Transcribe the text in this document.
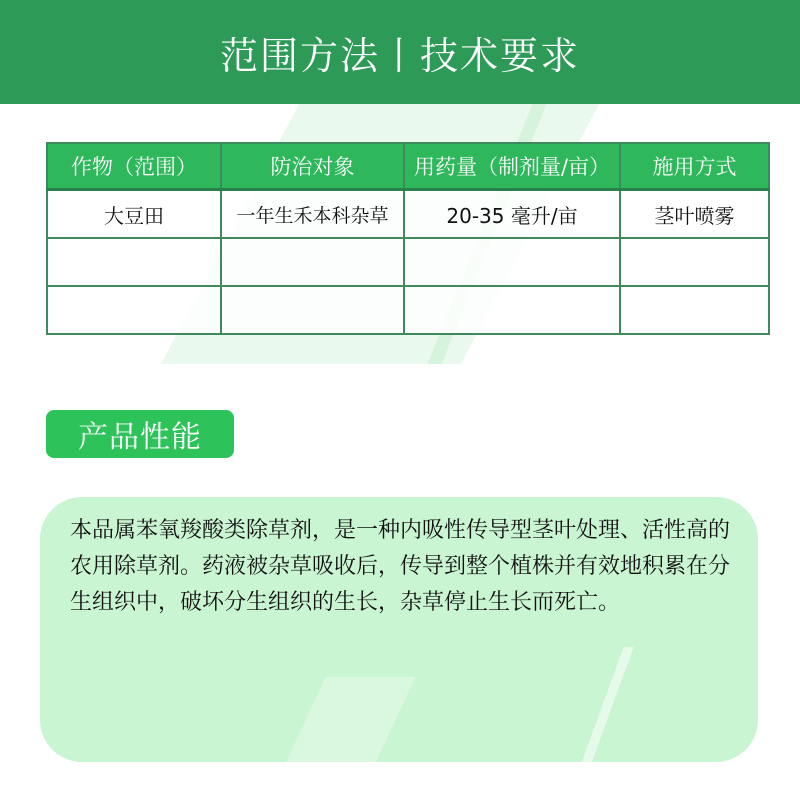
范围方法丨技术要求
作物（范围）	防治对象	用药量（制剂量/亩）	施用方式
大豆田	一年生禾本科杂草	20-35 毫升/亩	茎叶喷雾

产品性能
本品属苯氧羧酸类除草剂，是一种内吸性传导型茎叶处理、活性高的农用除草剂。药液被杂草吸收后，传导到整个植株并有效地积累在分生组织中，破坏分生组织的生长，杂草停止生长而死亡。
